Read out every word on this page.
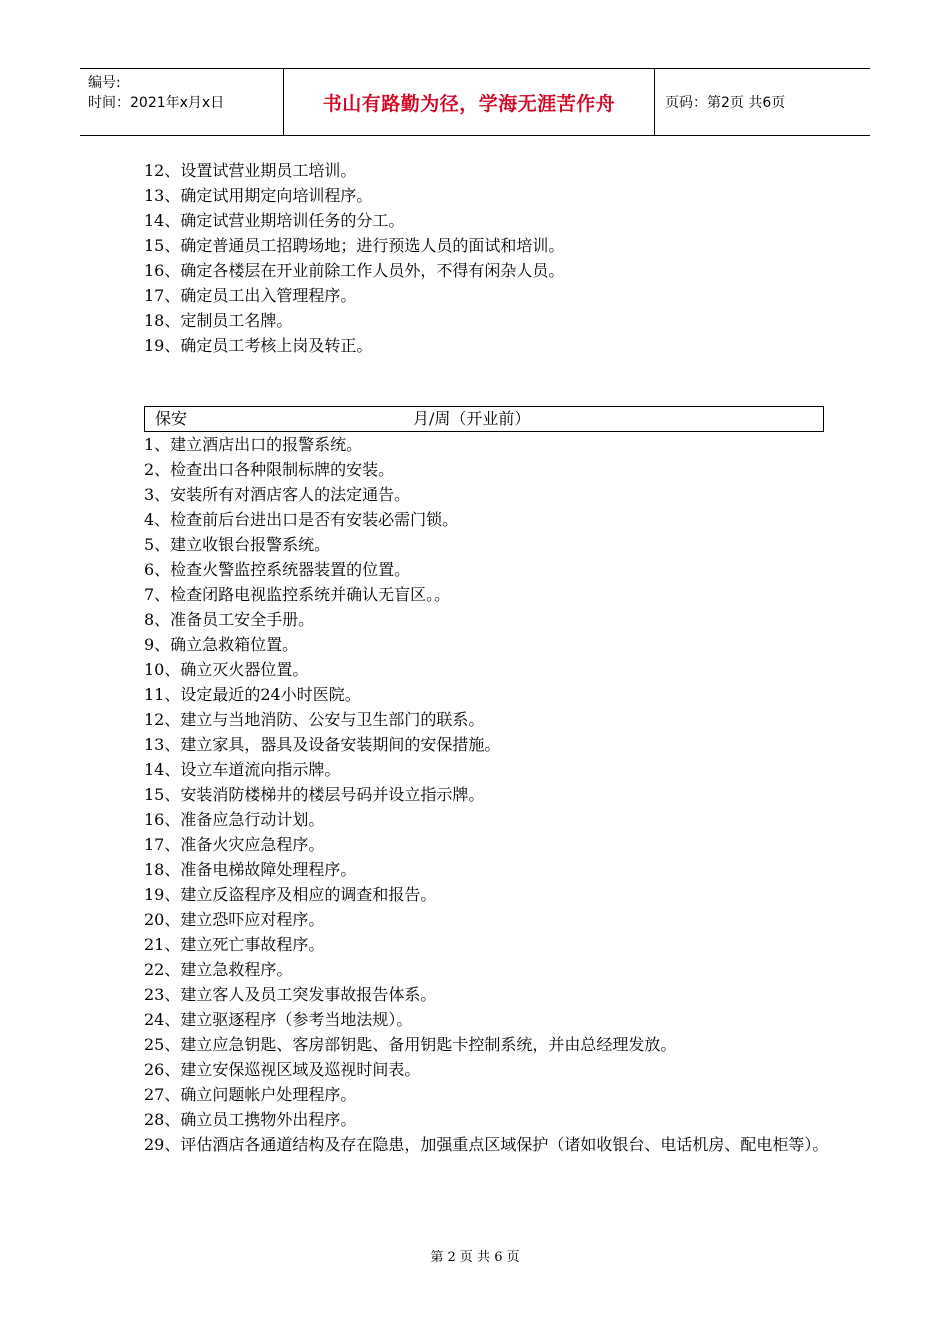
编号:
时间：2021年x月x日	书山有路勤为径，学海无涯苦作舟	页码：第2页 共6页
12、设置试营业期员工培训。
13、确定试用期定向培训程序。
14、确定试营业期培训任务的分工。
15、确定普通员工招聘场地；进行预选人员的面试和培训。
16、确定各楼层在开业前除工作人员外，不得有闲杂人员。
17、确定员工出入管理程序。
18、定制员工名牌。
19、确定员工考核上岗及转正。
保安	月/周（开业前）
1、建立酒店出口的报警系统。
2、检查出口各种限制标牌的安装。
3、安装所有对酒店客人的法定通告。
4、检查前后台进出口是否有安装必需门锁。
5、建立收银台报警系统。
6、检查火警监控系统器装置的位置。
7、检查闭路电视监控系统并确认无盲区。。
8、准备员工安全手册。
9、确立急救箱位置。
10、确立灭火器位置。
11、设定最近的24小时医院。
12、建立与当地消防、公安与卫生部门的联系。
13、建立家具，器具及设备安装期间的安保措施。
14、设立车道流向指示牌。
15、安装消防楼梯井的楼层号码并设立指示牌。
16、准备应急行动计划。
17、准备火灾应急程序。
18、准备电梯故障处理程序。
19、建立反盗程序及相应的调查和报告。
20、建立恐吓应对程序。
21、建立死亡事故程序。
22、建立急救程序。
23、建立客人及员工突发事故报告体系。
24、建立驱逐程序（参考当地法规）。
25、建立应急钥匙、客房部钥匙、备用钥匙卡控制系统，并由总经理发放。
26、建立安保巡视区域及巡视时间表。
27、确立问题帐户处理程序。
28、确立员工携物外出程序。
29、评估酒店各通道结构及存在隐患，加强重点区域保护（诸如收银台、电话机房、配电柜等）。
第 2 页 共 6 页
